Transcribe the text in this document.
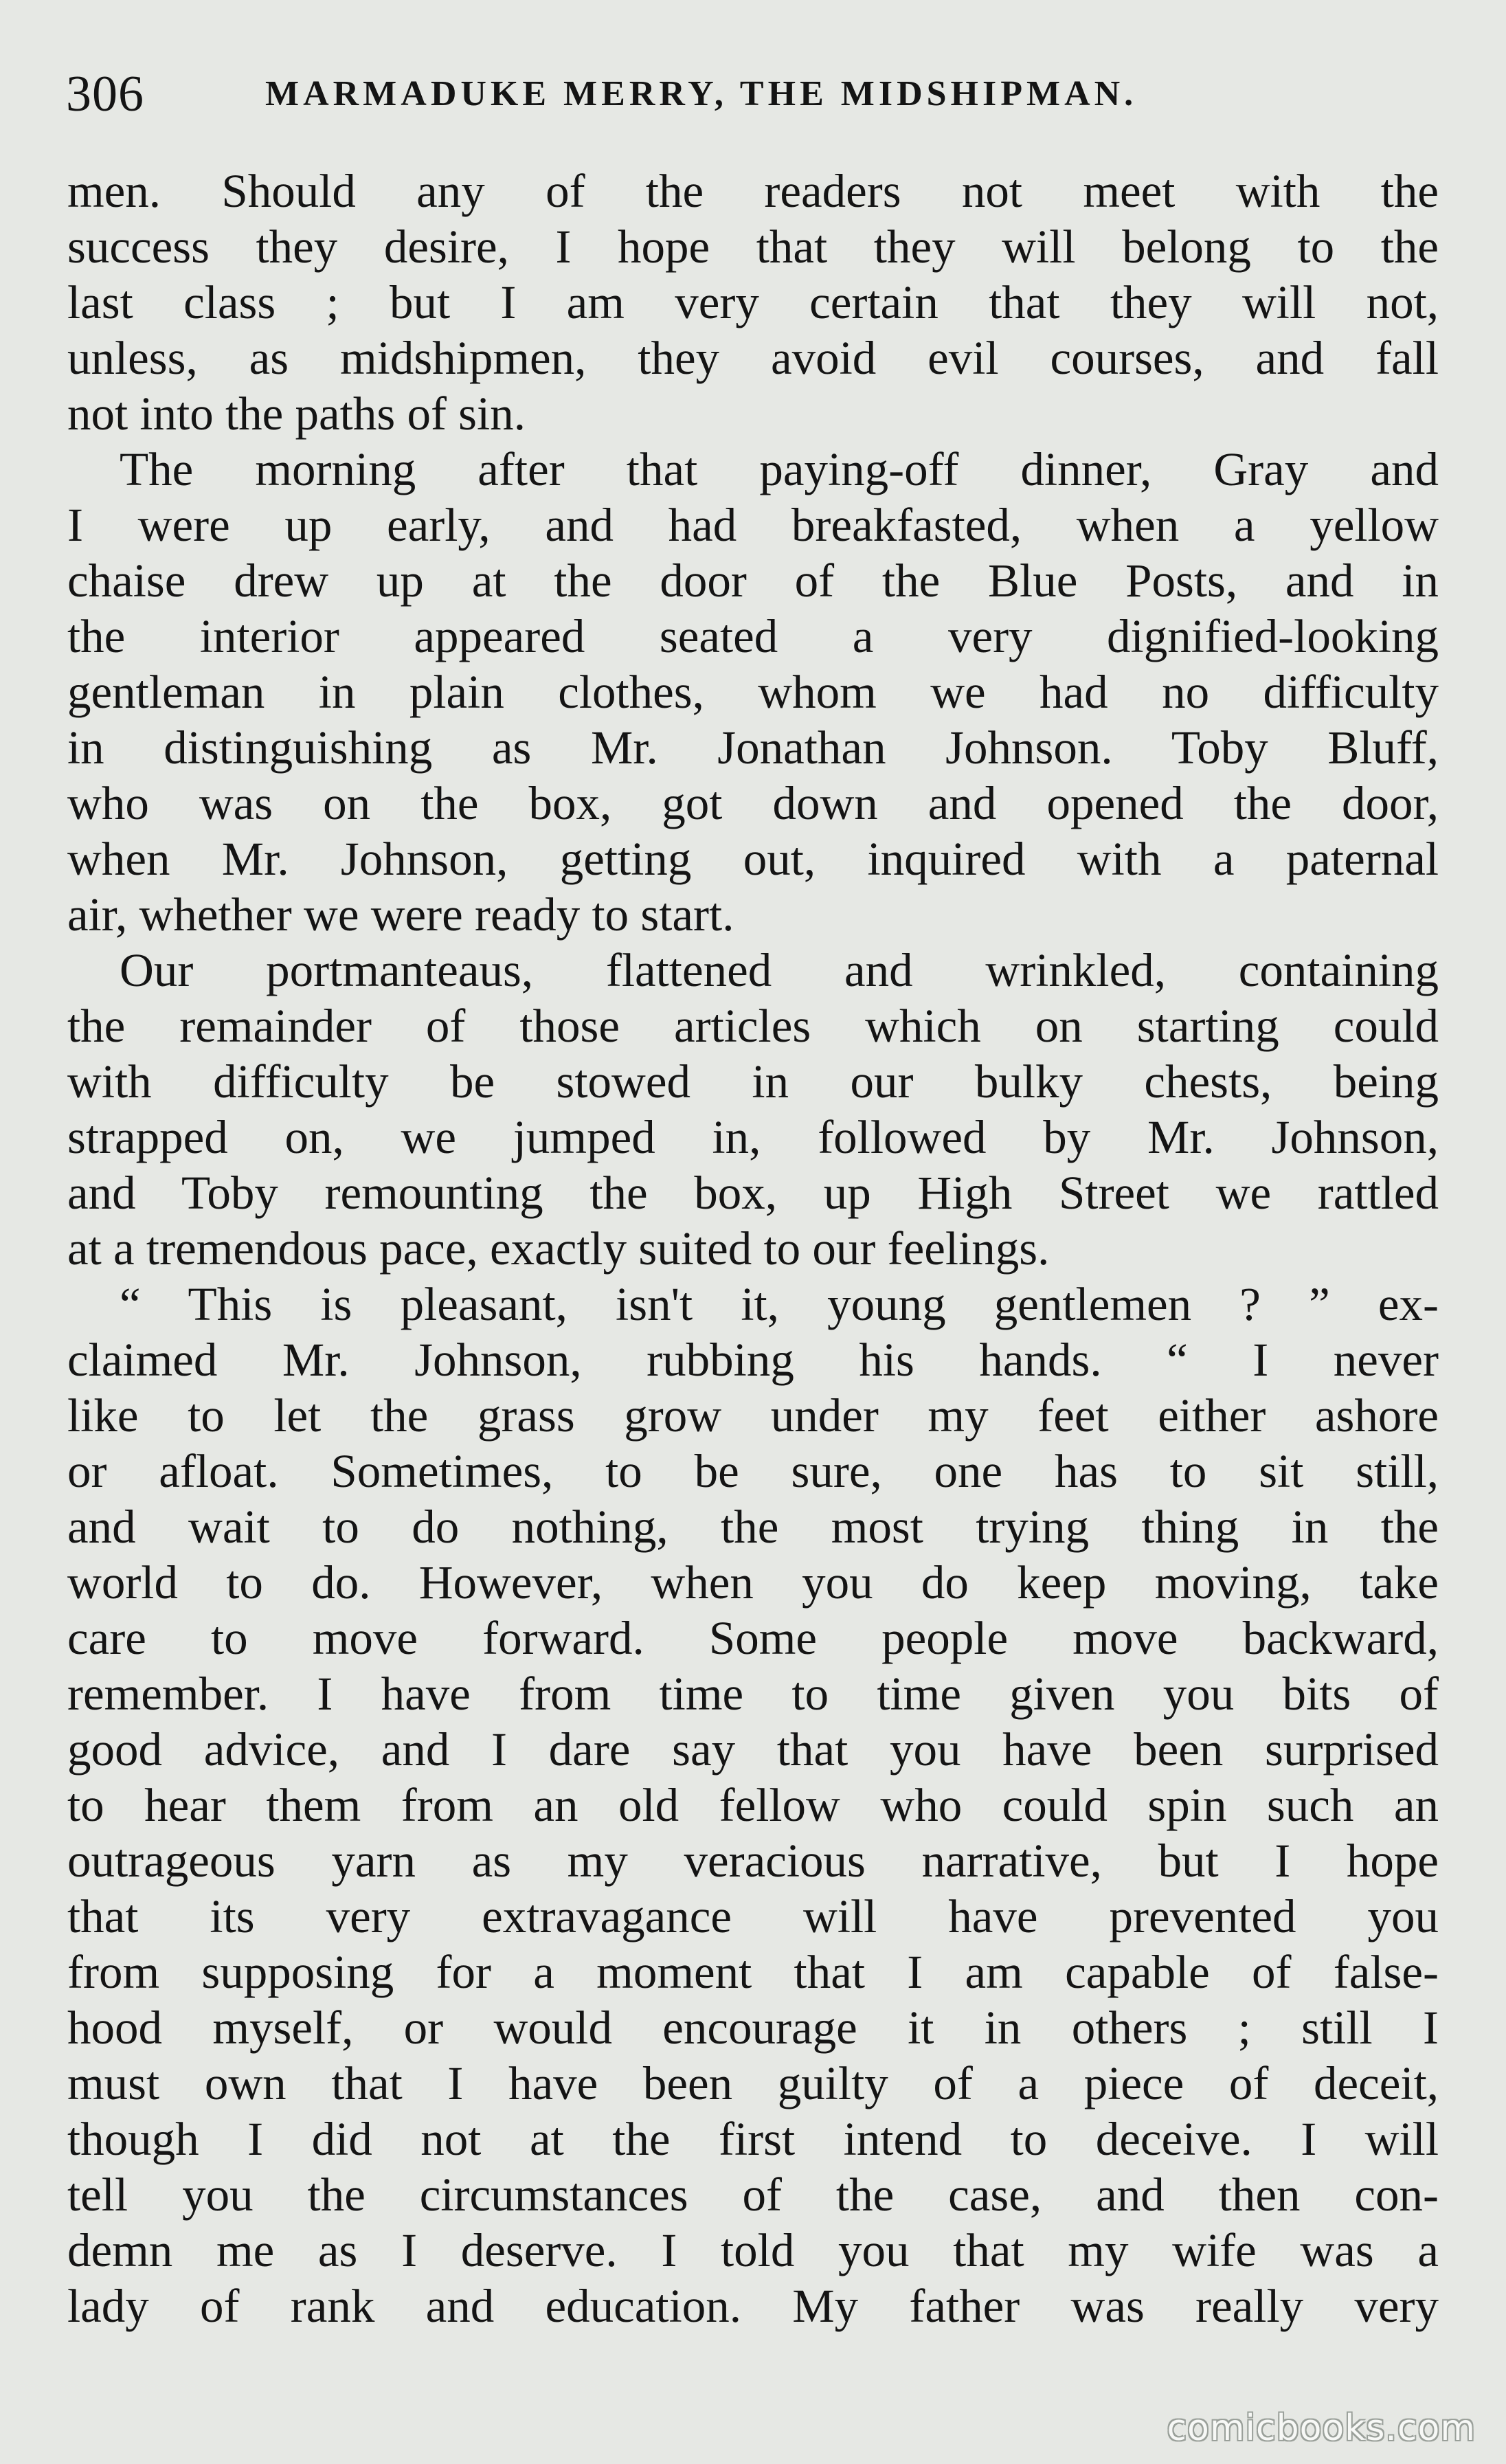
306	MARMADUKE MERRY, THE MIDSHIPMAN.
men. Should any of the readers not meet with the
success they desire, I hope that they will belong to the
last class ; but I am very certain that they will not,
unless, as midshipmen, they avoid evil courses, and fall
not into the paths of sin.
The morning after that paying-off dinner, Gray and
I were up early, and had breakfasted, when a yellow
chaise drew up at the door of the Blue Posts, and in
the interior appeared seated a very dignified-looking
gentleman in plain clothes, whom we had no difficulty
in distinguishing as Mr. Jonathan Johnson. Toby Bluff,
who was on the box, got down and opened the door,
when Mr. Johnson, getting out, inquired with a paternal
air, whether we were ready to start.
Our portmanteaus, flattened and wrinkled, containing
the remainder of those articles which on starting could
with difficulty be stowed in our bulky chests, being
strapped on, we jumped in, followed by Mr. Johnson,
and Toby remounting the box, up High Street we rattled
at a tremendous pace, exactly suited to our feelings.
“ This is pleasant, isn't it, young gentlemen ? ” ex-
claimed Mr. Johnson, rubbing his hands. “ I never
like to let the grass grow under my feet either ashore
or afloat. Sometimes, to be sure, one has to sit still,
and wait to do nothing, the most trying thing in the
world to do. However, when you do keep moving, take
care to move forward. Some people move backward,
remember. I have from time to time given you bits of
good advice, and I dare say that you have been surprised
to hear them from an old fellow who could spin such an
outrageous yarn as my veracious narrative, but I hope
that its very extravagance will have prevented you
from supposing for a moment that I am capable of false-
hood myself, or would encourage it in others ; still I
must own that I have been guilty of a piece of deceit,
though I did not at the first intend to deceive. I will
tell you the circumstances of the case, and then con-
demn me as I deserve. I told you that my wife was a
lady of rank and education. My father was really very
comicbooks.com
